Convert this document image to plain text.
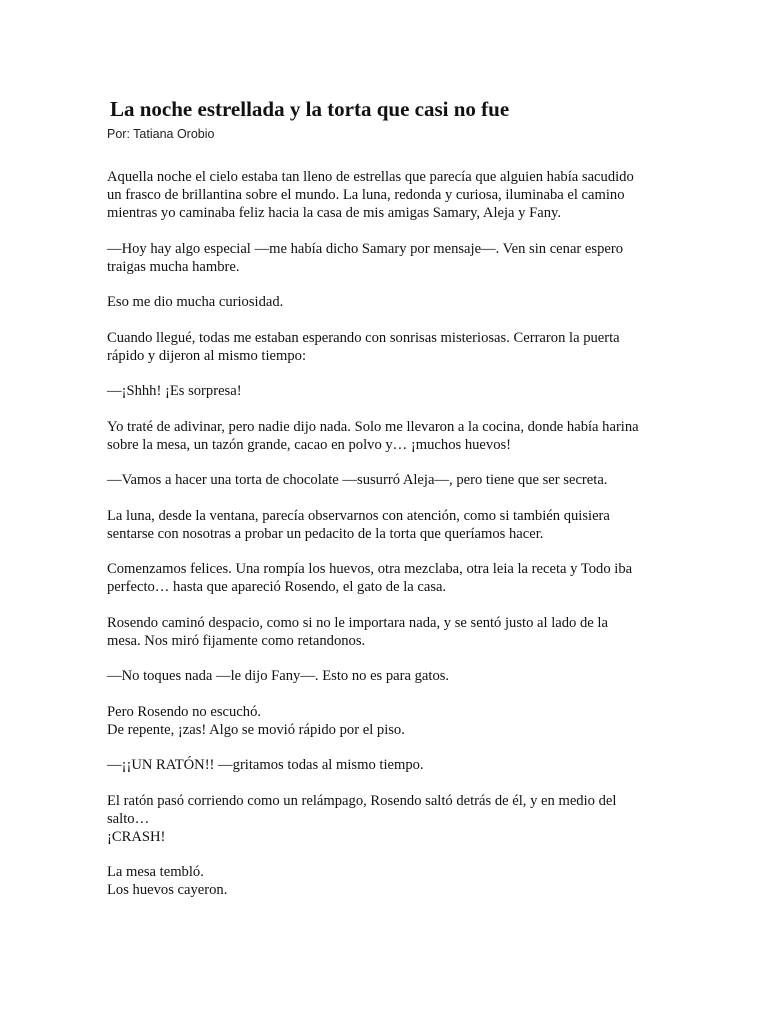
La noche estrellada y la torta que casi no fue
Por: Tatiana Orobio

Aquella noche el cielo estaba tan lleno de estrellas que parecía que alguien había sacudido
un frasco de brillantina sobre el mundo. La luna, redonda y curiosa, iluminaba el camino
mientras yo caminaba feliz hacia la casa de mis amigas Samary, Aleja y Fany.

—Hoy hay algo especial —me había dicho Samary por mensaje—. Ven sin cenar espero
traigas mucha hambre.

Eso me dio mucha curiosidad.

Cuando llegué, todas me estaban esperando con sonrisas misteriosas. Cerraron la puerta
rápido y dijeron al mismo tiempo:

—¡Shhh! ¡Es sorpresa!

Yo traté de adivinar, pero nadie dijo nada. Solo me llevaron a la cocina, donde había harina
sobre la mesa, un tazón grande, cacao en polvo y… ¡muchos huevos!

—Vamos a hacer una torta de chocolate —susurró Aleja—, pero tiene que ser secreta.

La luna, desde la ventana, parecía observarnos con atención, como si también quisiera
sentarse con nosotras a probar un pedacito de la torta que queríamos hacer.

Comenzamos felices. Una rompía los huevos, otra mezclaba, otra leia la receta y Todo iba
perfecto… hasta que apareció Rosendo, el gato de la casa.

Rosendo caminó despacio, como si no le importara nada, y se sentó justo al lado de la
mesa. Nos miró fijamente como retandonos.

—No toques nada —le dijo Fany—. Esto no es para gatos.

Pero Rosendo no escuchó.
De repente, ¡zas! Algo se movió rápido por el piso.

—¡¡UN RATÓN!! —gritamos todas al mismo tiempo.

El ratón pasó corriendo como un relámpago, Rosendo saltó detrás de él, y en medio del
salto…
¡CRASH!

La mesa tembló.
Los huevos cayeron.
